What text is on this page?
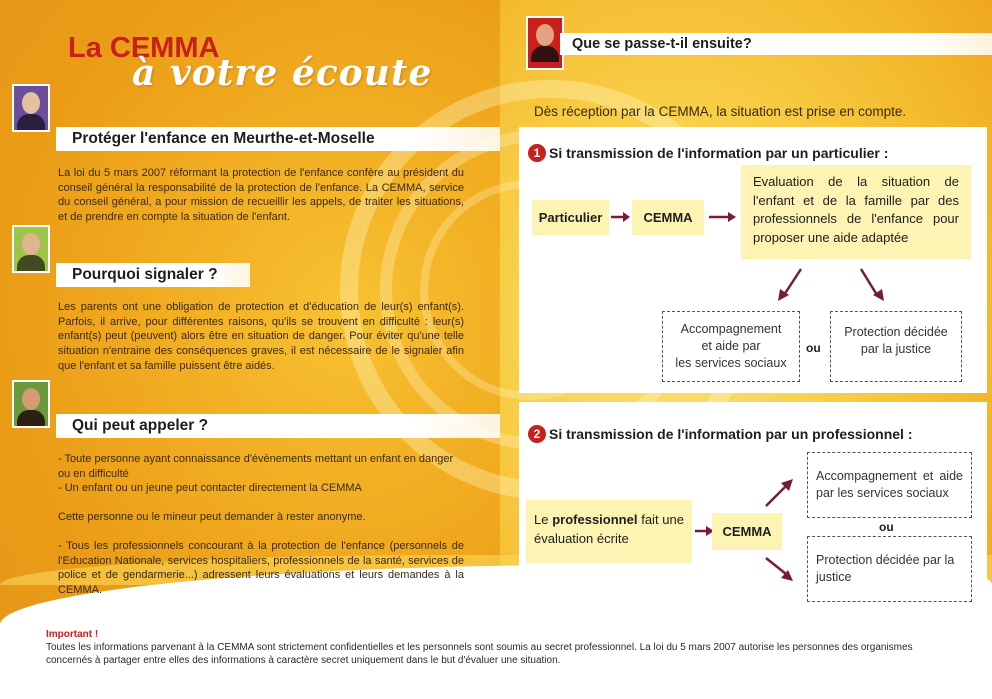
La CEMMA
à votre écoute
Protéger l'enfance en Meurthe-et-Moselle
La loi du 5 mars 2007 réformant la protection de l'enfance confère au président du conseil général la responsabilité de la protection de l'enfance. La CEMMA, service du conseil général, a pour mission de recueillir les appels, de traiter les situations, et de prendre en compte la situation de l'enfant.
Pourquoi signaler ?
Les parents ont une obligation de protection et d'éducation de leur(s) enfant(s). Parfois, il arrive, pour différentes raisons, qu'ils se trouvent en difficulté : leur(s) enfant(s) peut (peuvent) alors être en situation de danger. Pour éviter qu'une telle situation n'entraine des conséquences graves, il est nécessaire de le signaler afin que l'enfant et sa famille puissent être aidés.
Qui peut appeler ?

- Toute personne ayant connaissance d'évènements mettant un enfant en danger ou en difficulté

- Un enfant ou un jeune peut contacter directement la CEMMA

Cette personne ou le mineur peut demander à rester anonyme.

- Tous les professionnels concourant à la protection de l'enfance (personnels de l'Education Nationale, services hospitaliers, professionnels de la santé, services de police et de gendarmerie...) adressent leurs évaluations et leurs demandes à la CEMMA.

Important !
Toutes les informations parvenant à la CEMMA sont strictement confidentielles et les personnels sont soumis au secret professionnel. La loi du 5 mars 2007 autorise les personnes des organismes concernés à partager entre elles des informations à caractère secret uniquement dans le but d'évaluer une situation.
Que se passe-t-il ensuite?
Dès réception par la CEMMA, la situation est prise en compte.
1 Si transmission de l'information par un particulier :
Particulier	CEMMA
Evaluation de la situation de l'enfant et de la famille par des professionnels de l'enfance pour proposer une aide adaptée
Accompagnement
et aide par
les services sociaux
ou
Protection décidée
par la justice
2 Si transmission de l'information par un professionnel :
Le professionnel fait une évaluation écrite	CEMMA
Accompagnement et aide par les services sociaux
ou
Protection décidée par la justice
